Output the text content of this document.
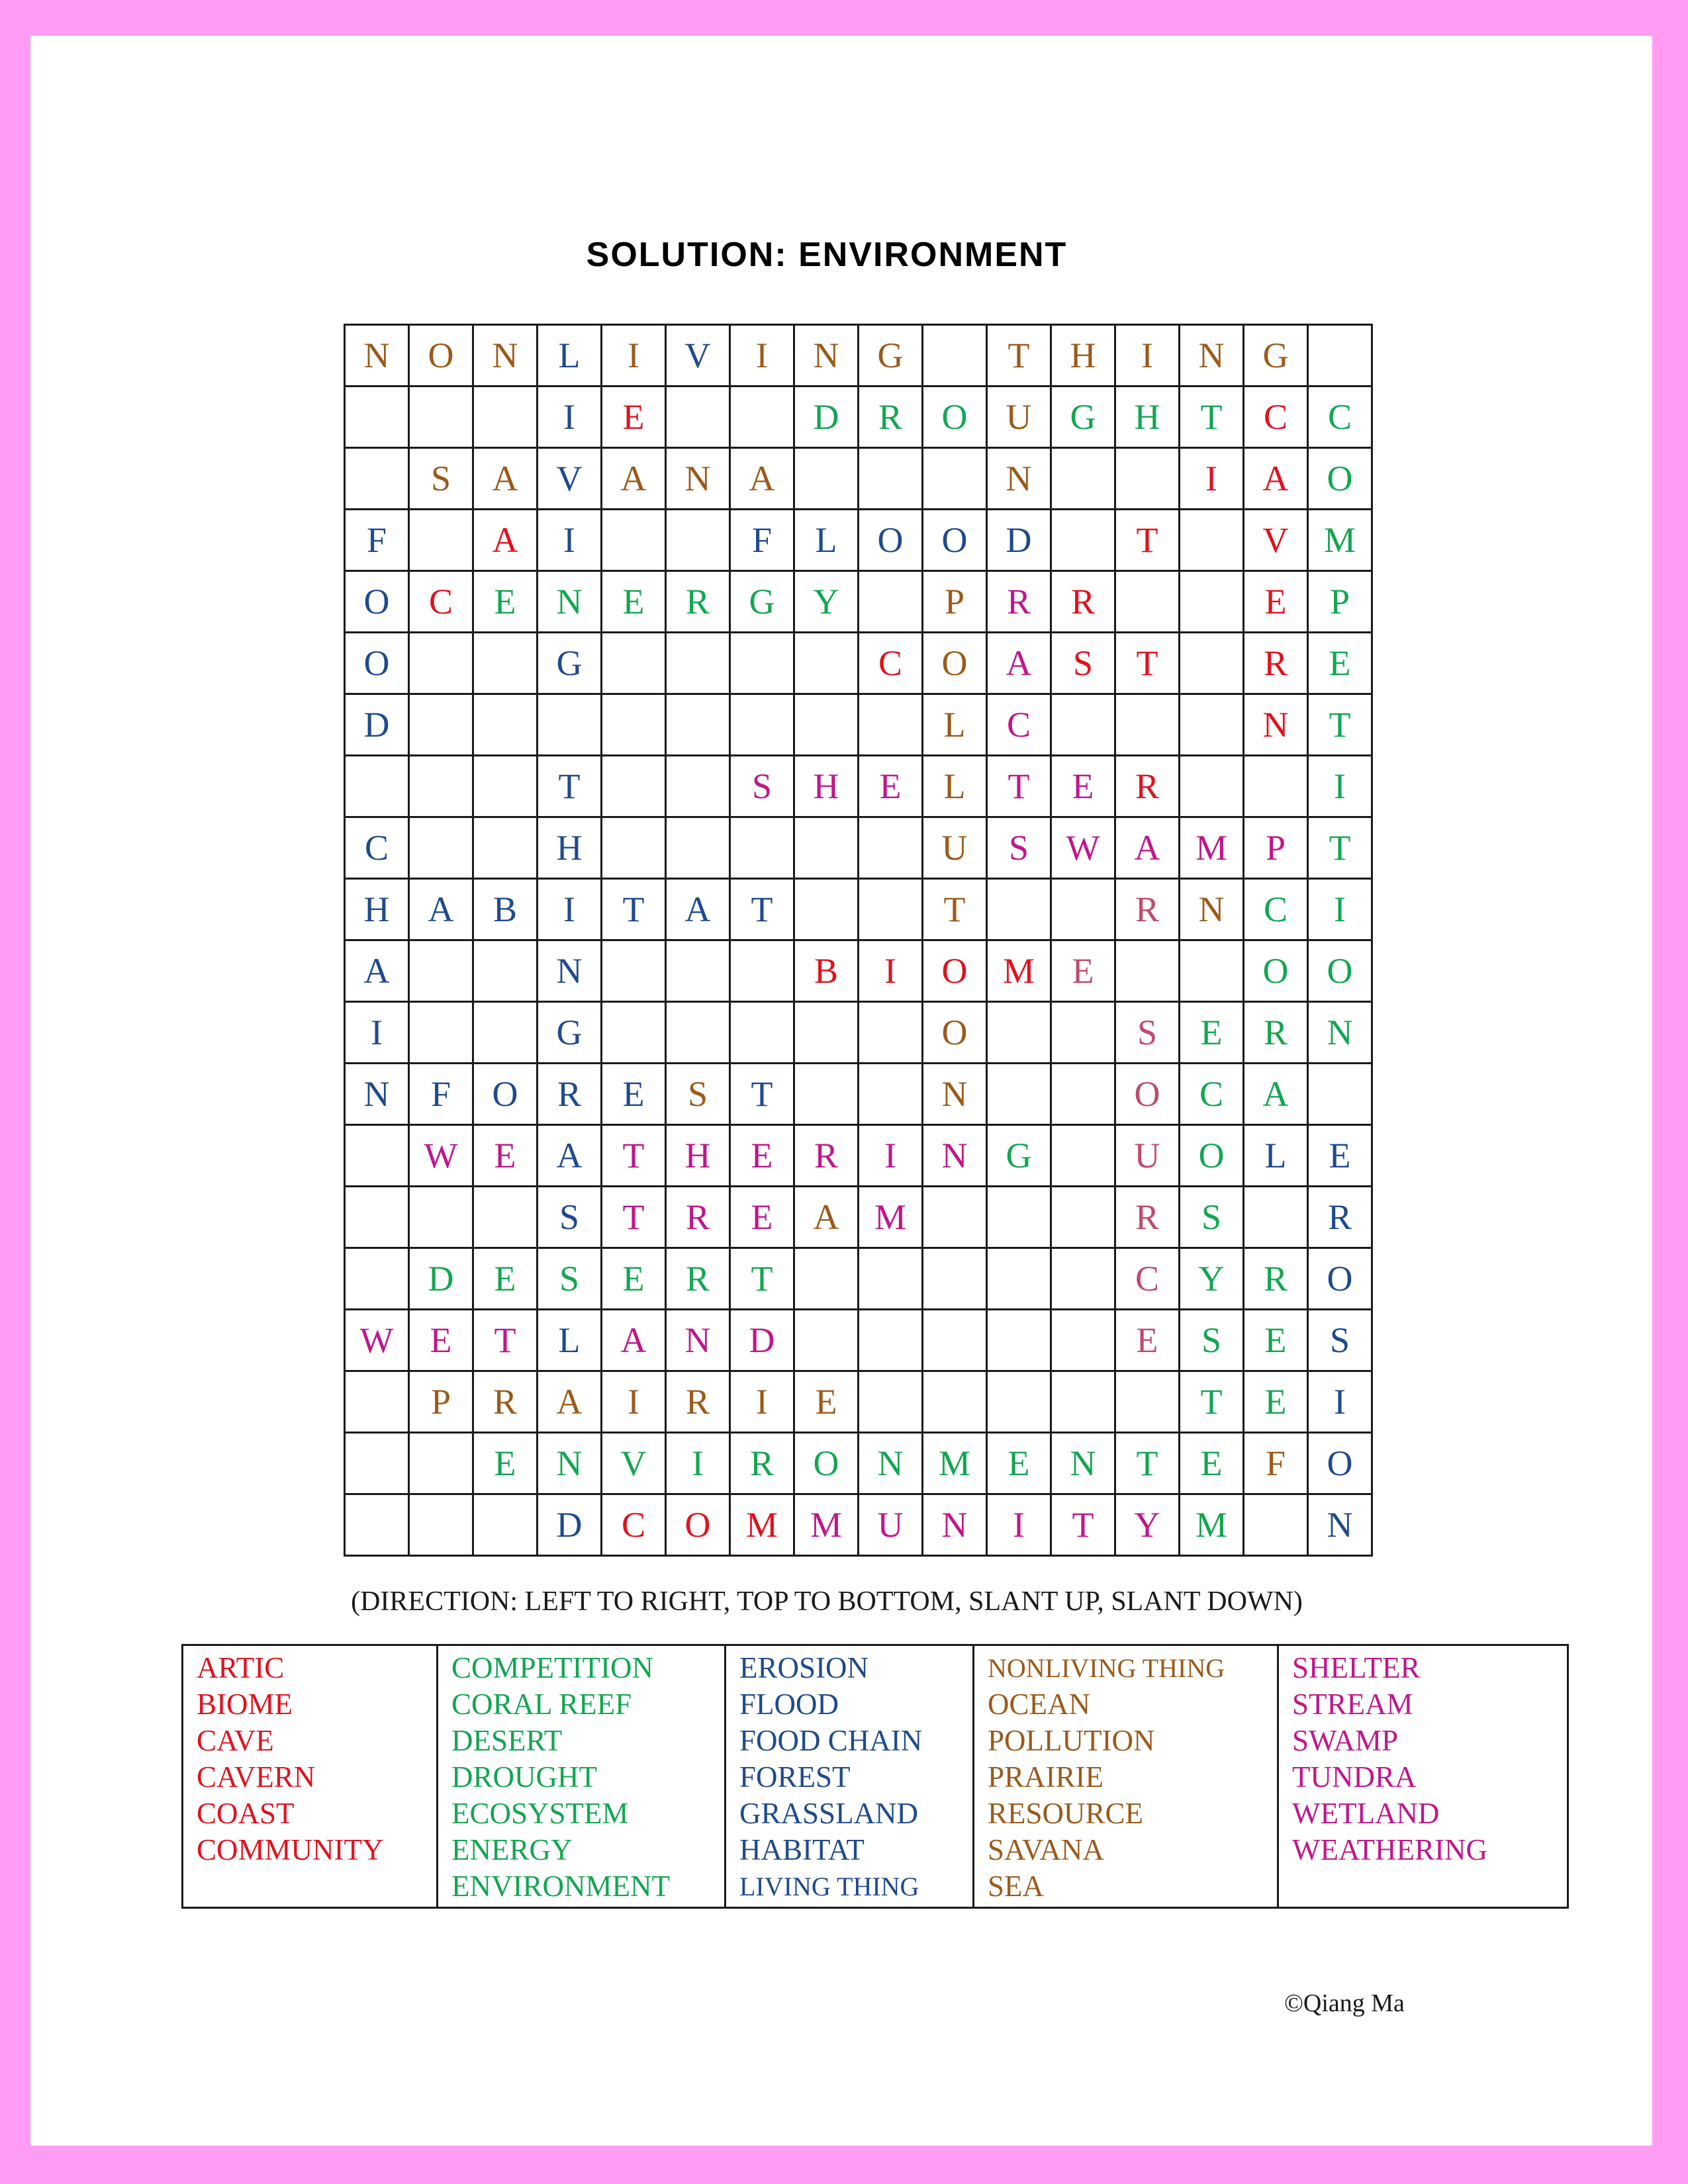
SOLUTION: ENVIRONMENT
N	O	N	L	I	V	I	N	G		T	H	I	N	G	
			I	E			D	R	O	U	G	H	T	C	C
	S	A	V	A	N	A				N			I	A	O
F		A	I			F	L	O	O	D		T		V	M
O	C	E	N	E	R	G	Y		P	R	R			E	P
O			G					C	O	A	S	T		R	E
D									L	C				N	T
			T			S	H	E	L	T	E	R			I
C			H						U	S	W	A	M	P	T
H	A	B	I	T	A	T			T			R	N	C	I
A			N				B	I	O	M	E			O	O
I			G						O			S	E	R	N
N	F	O	R	E	S	T			N			O	C	A	
	W	E	A	T	H	E	R	I	N	G		U	O	L	E
			S	T	R	E	A	M				R	S		R
	D	E	S	E	R	T						C	Y	R	O
W	E	T	L	A	N	D						E	S	E	S
	P	R	A	I	R	I	E						T	E	I
		E	N	V	I	R	O	N	M	E	N	T	E	F	O
			D	C	O	M	M	U	N	I	T	Y	M		N
(DIRECTION: LEFT TO RIGHT, TOP TO BOTTOM, SLANT UP, SLANT DOWN)
ARTIC
BIOME
CAVE
CAVERN
COAST
COMMUNITY

COMPETITION
CORAL REEF
DESERT
DROUGHT
ECOSYSTEM
ENERGY
ENVIRONMENT

EROSION
FLOOD
FOOD CHAIN
FOREST
GRASSLAND
HABITAT
LIVING THING

NONLIVING THING
OCEAN
POLLUTION
PRAIRIE
RESOURCE
SAVANA
SEA

SHELTER
STREAM
SWAMP
TUNDRA
WETLAND
WEATHERING
©Qiang Ma
